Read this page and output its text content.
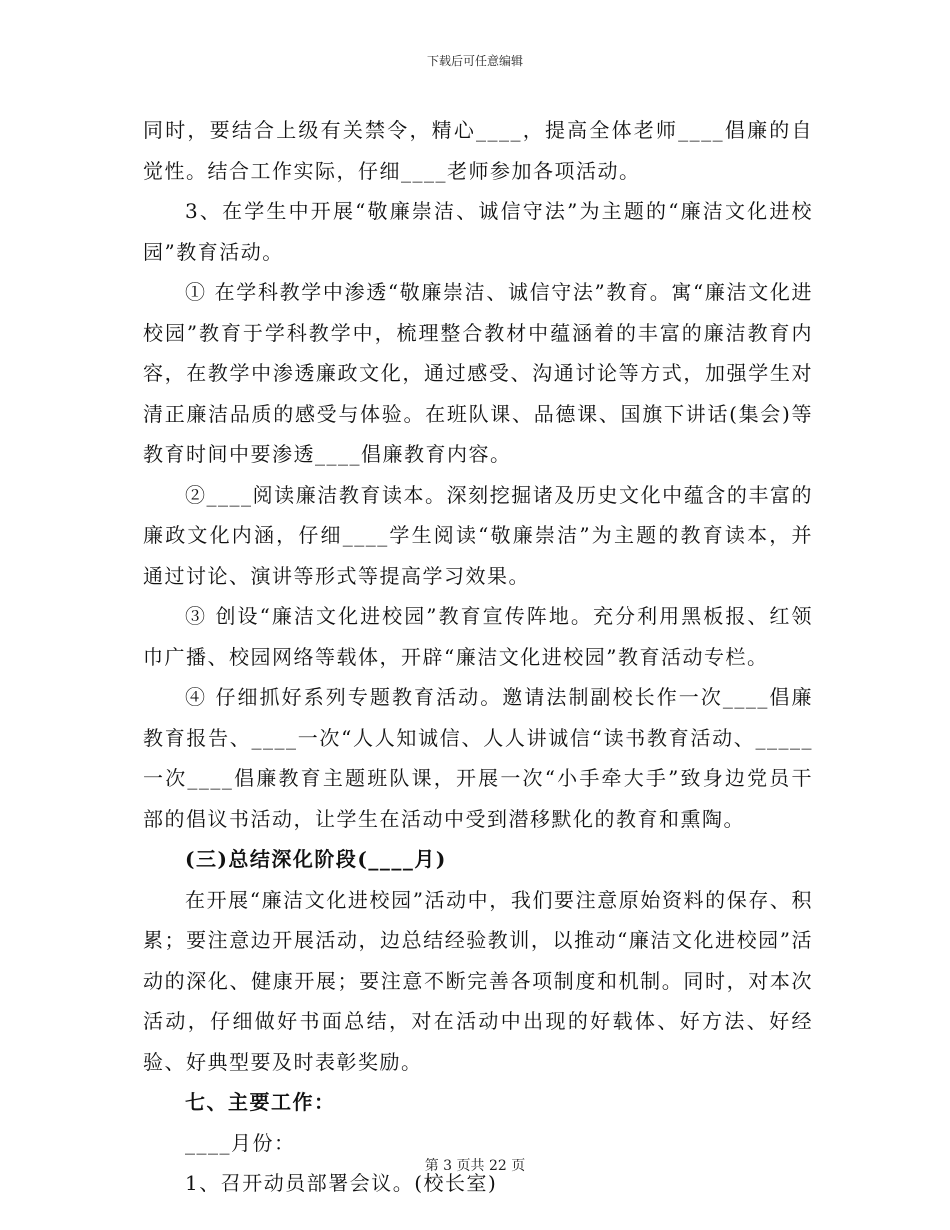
下载后可任意编辑

同时，要结合上级有关禁令，精心____，提高全体老师____倡廉的自觉性。结合工作实际，仔细____老师参加各项活动。

3、在学生中开展“敬廉崇洁、诚信守法”为主题的“廉洁文化进校园”教育活动。

① 在学科教学中渗透“敬廉崇洁、诚信守法”教育。寓“廉洁文化进校园”教育于学科教学中，梳理整合教材中蕴涵着的丰富的廉洁教育内容，在教学中渗透廉政文化，通过感受、沟通讨论等方式，加强学生对清正廉洁品质的感受与体验。在班队课、品德课、国旗下讲话(集会)等教育时间中要渗透____倡廉教育内容。

②____阅读廉洁教育读本。深刻挖掘诸及历史文化中蕴含的丰富的廉政文化内涵，仔细____学生阅读“敬廉崇洁”为主题的教育读本，并通过讨论、演讲等形式等提高学习效果。

③ 创设“廉洁文化进校园”教育宣传阵地。充分利用黑板报、红领巾广播、校园网络等载体，开辟“廉洁文化进校园”教育活动专栏。

④ 仔细抓好系列专题教育活动。邀请法制副校长作一次____倡廉教育报告、____一次“人人知诚信、人人讲诚信“读书教育活动、_____一次____倡廉教育主题班队课，开展一次“小手牵大手”致身边党员干部的倡议书活动，让学生在活动中受到潜移默化的教育和熏陶。

(三)总结深化阶段(____月)

在开展“廉洁文化进校园”活动中，我们要注意原始资料的保存、积累；要注意边开展活动，边总结经验教训，以推动“廉洁文化进校园”活动的深化、健康开展；要注意不断完善各项制度和机制。同时，对本次活动，仔细做好书面总结，对在活动中出现的好载体、好方法、好经验、好典型要及时表彰奖励。

七、主要工作：

____月份：

1、召开动员部署会议。(校长室)

第 3 页共 22 页
